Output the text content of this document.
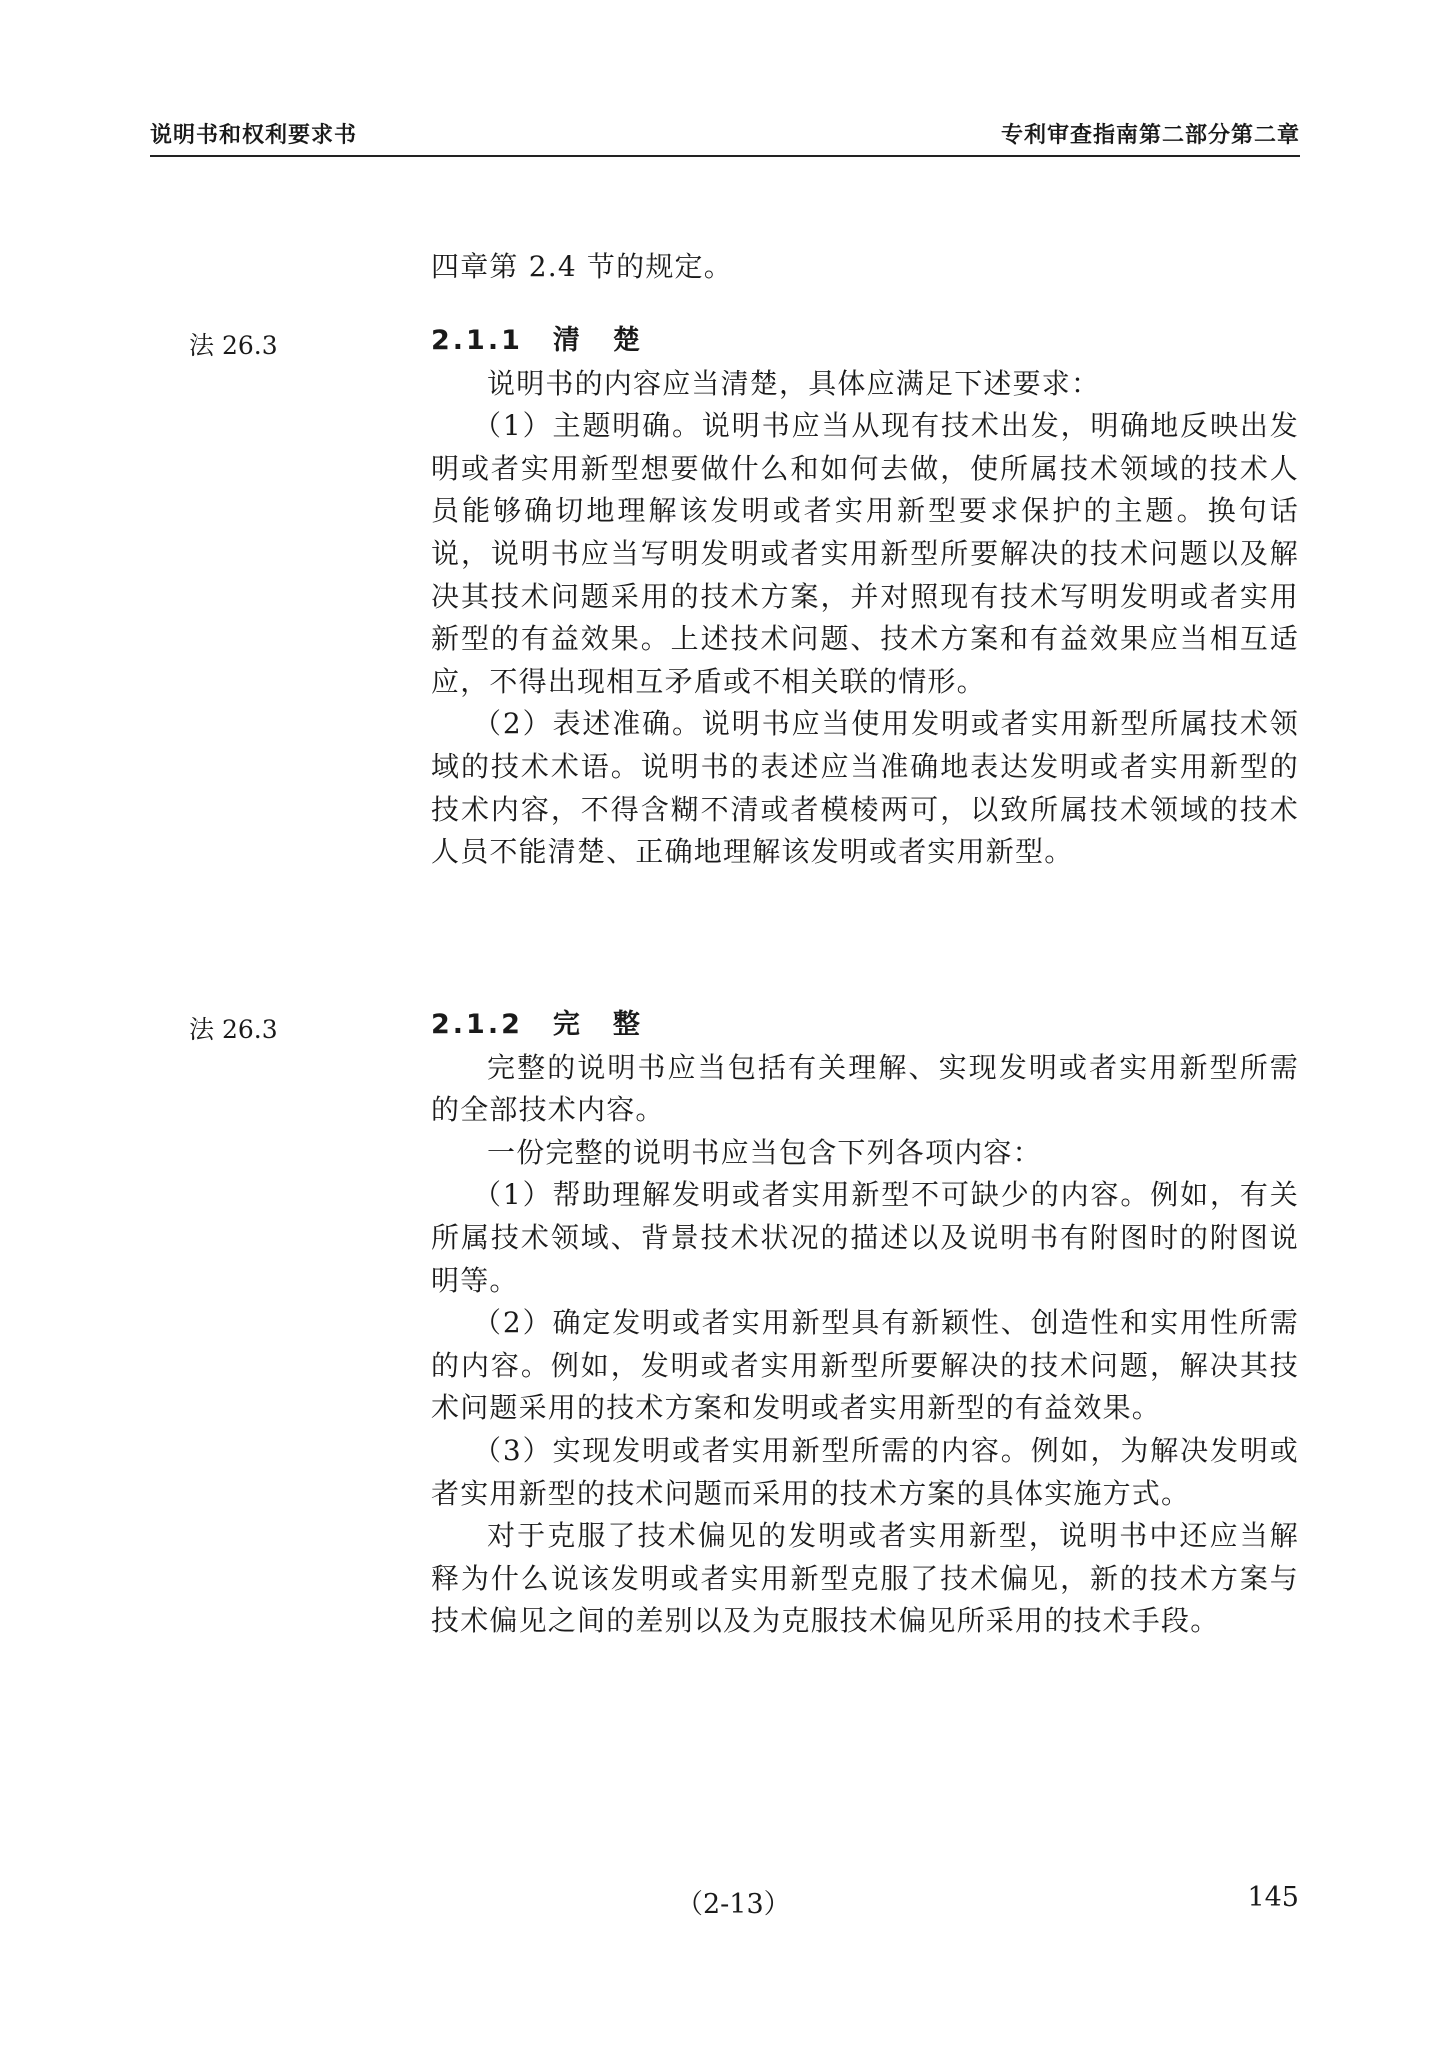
说明书和权利要求书	专利审查指南第二部分第二章

四章第 2.4 节的规定。

法 26.3	2.1.1　清　楚

说明书的内容应当清楚，具体应满足下述要求：

（1）主题明确。说明书应当从现有技术出发，明确地反映出发明或者实用新型想要做什么和如何去做，使所属技术领域的技术人员能够确切地理解该发明或者实用新型要求保护的主题。换句话说，说明书应当写明发明或者实用新型所要解决的技术问题以及解决其技术问题采用的技术方案，并对照现有技术写明发明或者实用新型的有益效果。上述技术问题、技术方案和有益效果应当相互适应，不得出现相互矛盾或不相关联的情形。

（2）表述准确。说明书应当使用发明或者实用新型所属技术领域的技术术语。说明书的表述应当准确地表达发明或者实用新型的技术内容，不得含糊不清或者模棱两可，以致所属技术领域的技术人员不能清楚、正确地理解该发明或者实用新型。

法 26.3	2.1.2　完　整

完整的说明书应当包括有关理解、实现发明或者实用新型所需的全部技术内容。

一份完整的说明书应当包含下列各项内容：

（1）帮助理解发明或者实用新型不可缺少的内容。例如，有关所属技术领域、背景技术状况的描述以及说明书有附图时的附图说明等。

（2）确定发明或者实用新型具有新颖性、创造性和实用性所需的内容。例如，发明或者实用新型所要解决的技术问题，解决其技术问题采用的技术方案和发明或者实用新型的有益效果。

（3）实现发明或者实用新型所需的内容。例如，为解决发明或者实用新型的技术问题而采用的技术方案的具体实施方式。

对于克服了技术偏见的发明或者实用新型，说明书中还应当解释为什么说该发明或者实用新型克服了技术偏见，新的技术方案与技术偏见之间的差别以及为克服技术偏见所采用的技术手段。

（2-13）	145
